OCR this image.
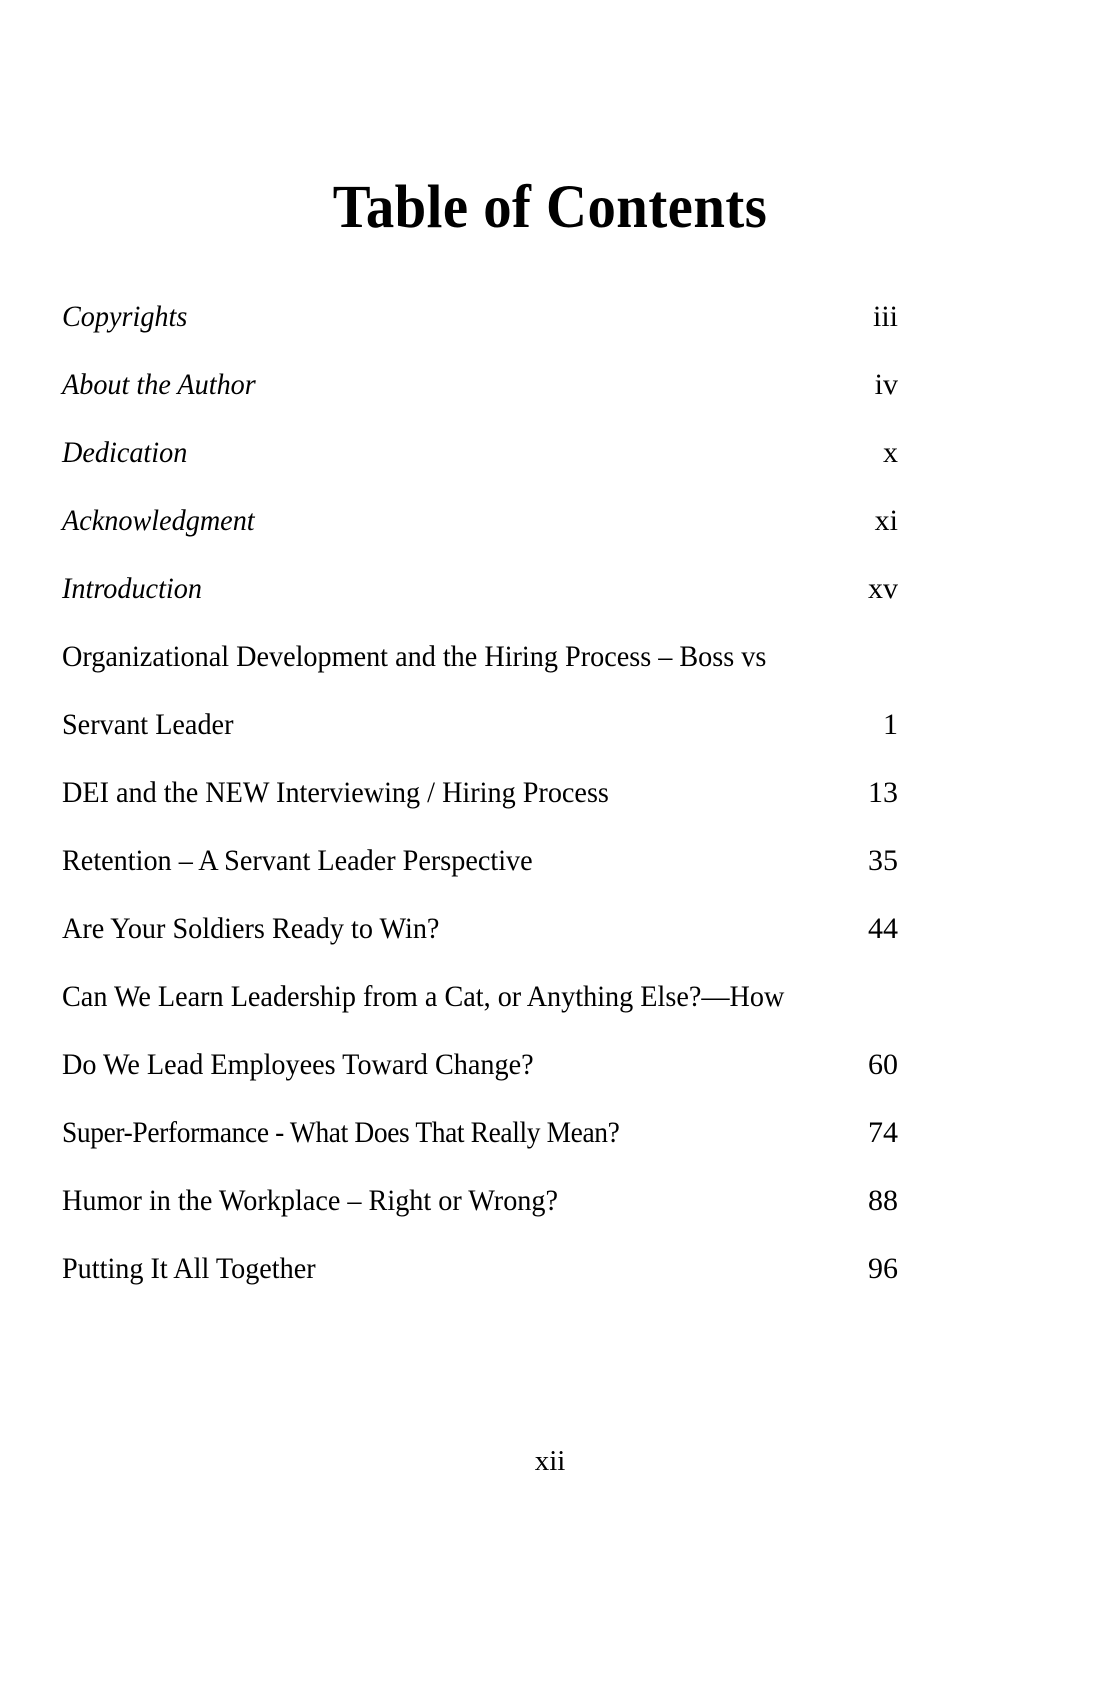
Table of Contents
Copyrights	iii
About the Author	iv
Dedication	x
Acknowledgment	xi
Introduction	xv
Organizational Development and the Hiring Process – Boss vs
Servant Leader	1
DEI and the NEW Interviewing / Hiring Process	13
Retention – A Servant Leader Perspective	35
Are Your Soldiers Ready to Win?	44
Can We Learn Leadership from a Cat, or Anything Else?—How
Do We Lead Employees Toward Change?	60
Super-Performance - What Does That Really Mean?	74
Humor in the Workplace – Right or Wrong?	88
Putting It All Together	96
xii
